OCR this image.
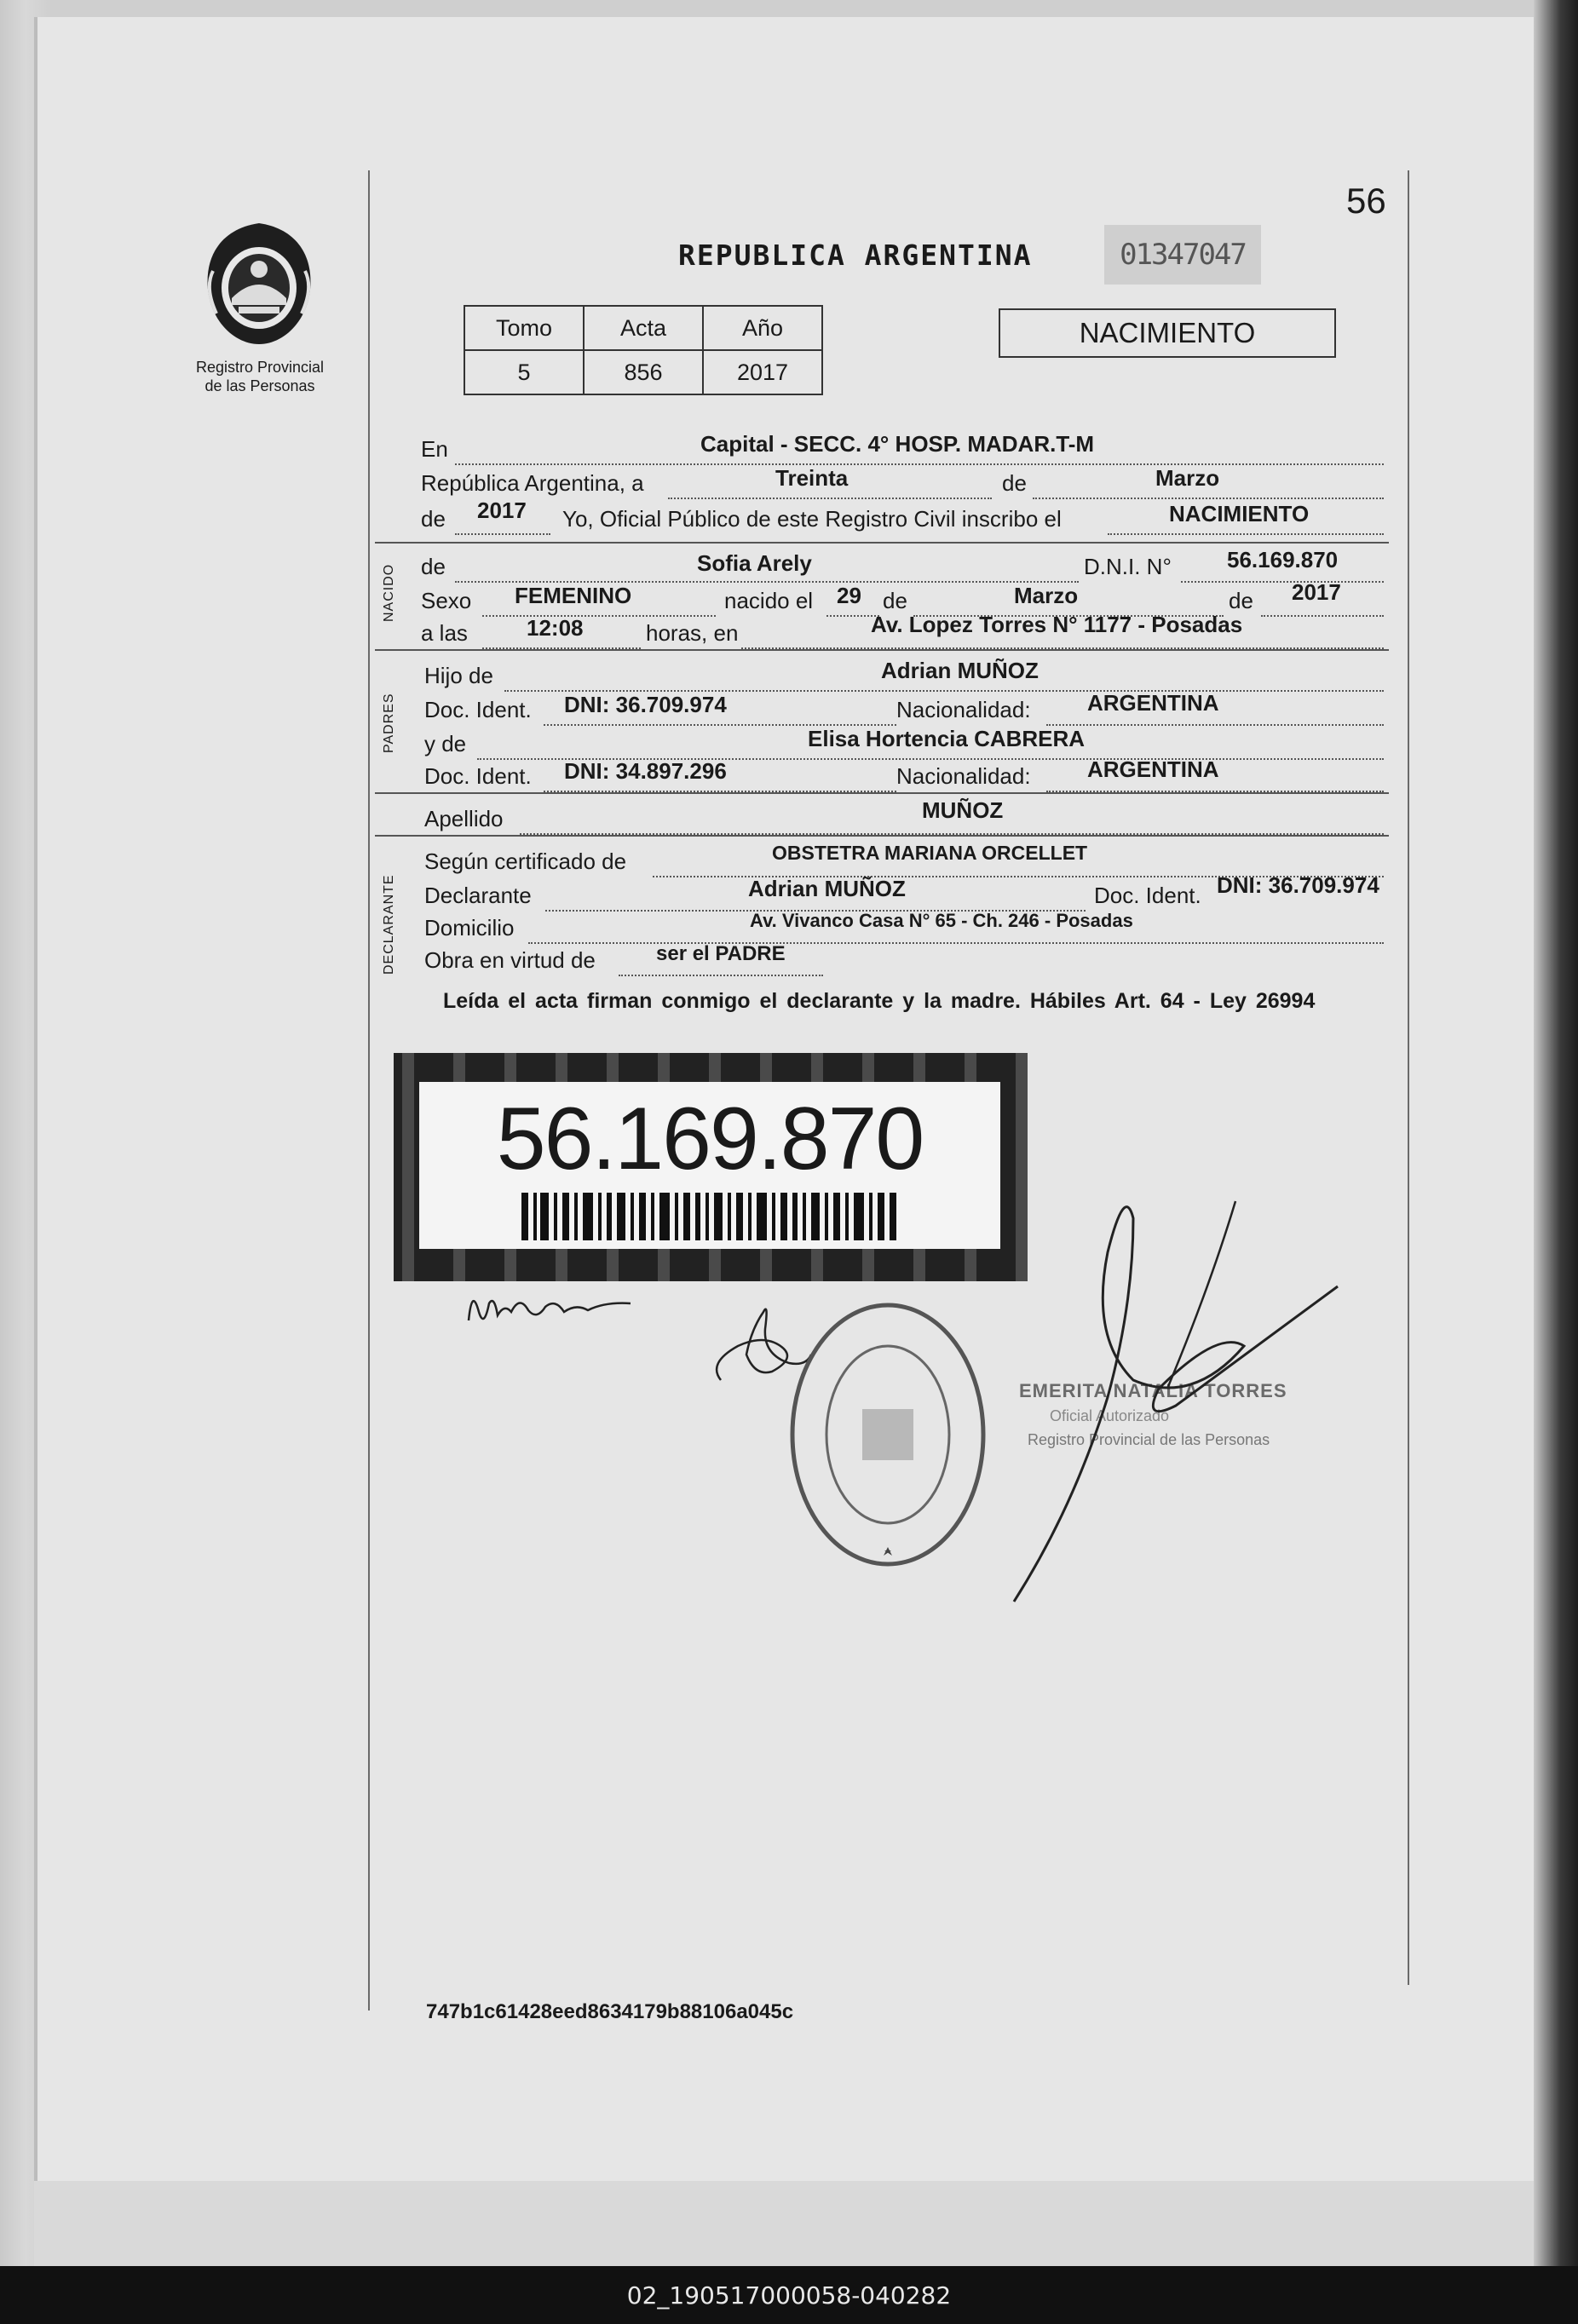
56
Registro Provincial
de las Personas
REPUBLICA ARGENTINA	01347047
Tomo	Acta	Año
5	856	2017
NACIMIENTO
En	Capital - SECC. 4° HOSP. MADAR.T-M
República Argentina, a	Treinta	de	Marzo
de 2017 Yo, Oficial Público de este Registro Civil inscribo el	NACIMIENTO
NACIDO de	Sofia Arely	D.N.I. N°	56.169.870
Sexo FEMENINO	nacido el 29 de	Marzo	de 2017
a las	12:08	horas, en	Av. Lopez Torres N° 1177 - Posadas
PADRES
Hijo de	Adrian MUÑOZ
Doc. Ident. DNI: 36.709.974	Nacionalidad:	ARGENTINA
y de	Elisa Hortencia CABRERA
Doc. Ident. DNI: 34.897.296	Nacionalidad:	ARGENTINA
Apellido	MUÑOZ
DECLARANTE
Según certificado de	OBSTETRA MARIANA ORCELLET
Declarante	Adrian MUÑOZ	Doc. Ident. DNI: 36.709.974
Domicilio	Av. Vivanco Casa N° 65 - Ch. 246 - Posadas
Obra en virtud de	ser el PADRE
Leída el acta firman conmigo el declarante y la madre. Hábiles Art. 64 - Ley 26994
56.169.870
EMERITA NATALIA TORRES
Oficial Autorizado
Registro Provincial de las Personas
747b1c61428eed8634179b88106a045c
02_190517000058-040282
